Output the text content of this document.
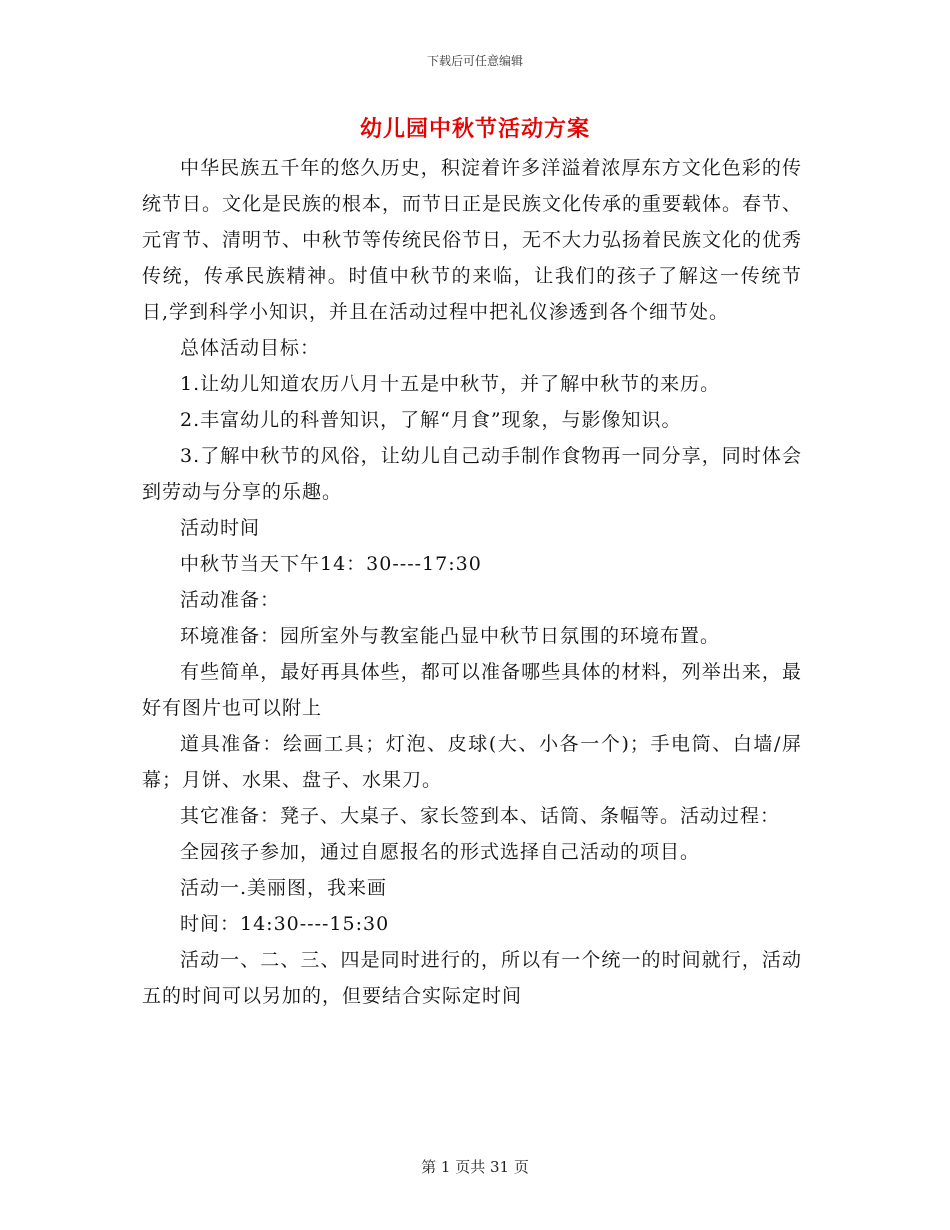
下载后可任意编辑
幼儿园中秋节活动方案

中华民族五千年的悠久历史，积淀着许多洋溢着浓厚东方文化色彩的传统节日。文化是民族的根本，而节日正是民族文化传承的重要载体。春节、元宵节、清明节、中秋节等传统民俗节日，无不大力弘扬着民族文化的优秀传统，传承民族精神。时值中秋节的来临，让我们的孩子了解这一传统节日,学到科学小知识，并且在活动过程中把礼仪渗透到各个细节处。

总体活动目标：

1.让幼儿知道农历八月十五是中秋节，并了解中秋节的来历。

2.丰富幼儿的科普知识，了解“月食”现象，与影像知识。

3.了解中秋节的风俗，让幼儿自己动手制作食物再一同分享，同时体会到劳动与分享的乐趣。

活动时间

中秋节当天下午14：30----17:30

活动准备：

环境准备：园所室外与教室能凸显中秋节日氛围的环境布置。

有些简单，最好再具体些，都可以准备哪些具体的材料，列举出来，最好有图片也可以附上

道具准备：绘画工具；灯泡、皮球(大、小各一个)；手电筒、白墙/屏幕；月饼、水果、盘子、水果刀。

其它准备：凳子、大桌子、家长签到本、话筒、条幅等。活动过程：

全园孩子参加，通过自愿报名的形式选择自己活动的项目。

活动一.美丽图，我来画

时间：14:30----15:30

活动一、二、三、四是同时进行的，所以有一个统一的时间就行，活动五的时间可以另加的，但要结合实际定时间

第 1 页共 31 页
